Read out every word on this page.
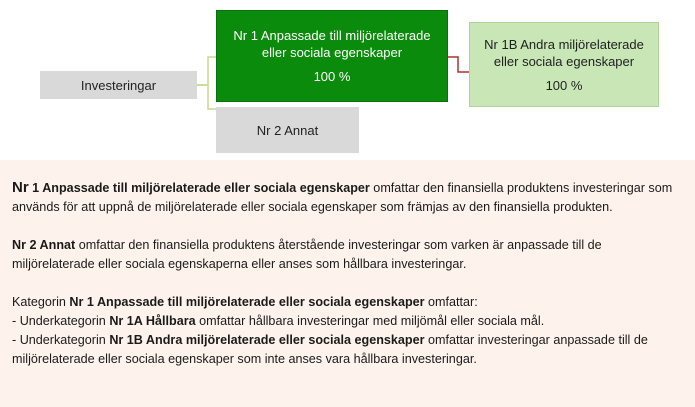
Investeringar
Nr 1 Anpassade till miljörelaterade eller sociala egenskaper
100 %
Nr 2 Annat
Nr 1B Andra miljörelaterade eller sociala egenskaper
100 %

Nr 1 Anpassade till miljörelaterade eller sociala egenskaper omfattar den finansiella produktens investeringar som används för att uppnå de miljörelaterade eller sociala egenskaper som främjas av den finansiella produkten.

Nr 2 Annat omfattar den finansiella produktens återstående investeringar som varken är anpassade till de miljörelaterade eller sociala egenskaperna eller anses som hållbara investeringar.

Kategorin Nr 1 Anpassade till miljörelaterade eller sociala egenskaper omfattar:

- Underkategorin Nr 1A Hållbara omfattar hållbara investeringar med miljömål eller sociala mål.

- Underkategorin Nr 1B Andra miljörelaterade eller sociala egenskaper omfattar investeringar anpassade till de miljörelaterade eller sociala egenskaper som inte anses vara hållbara investeringar.
